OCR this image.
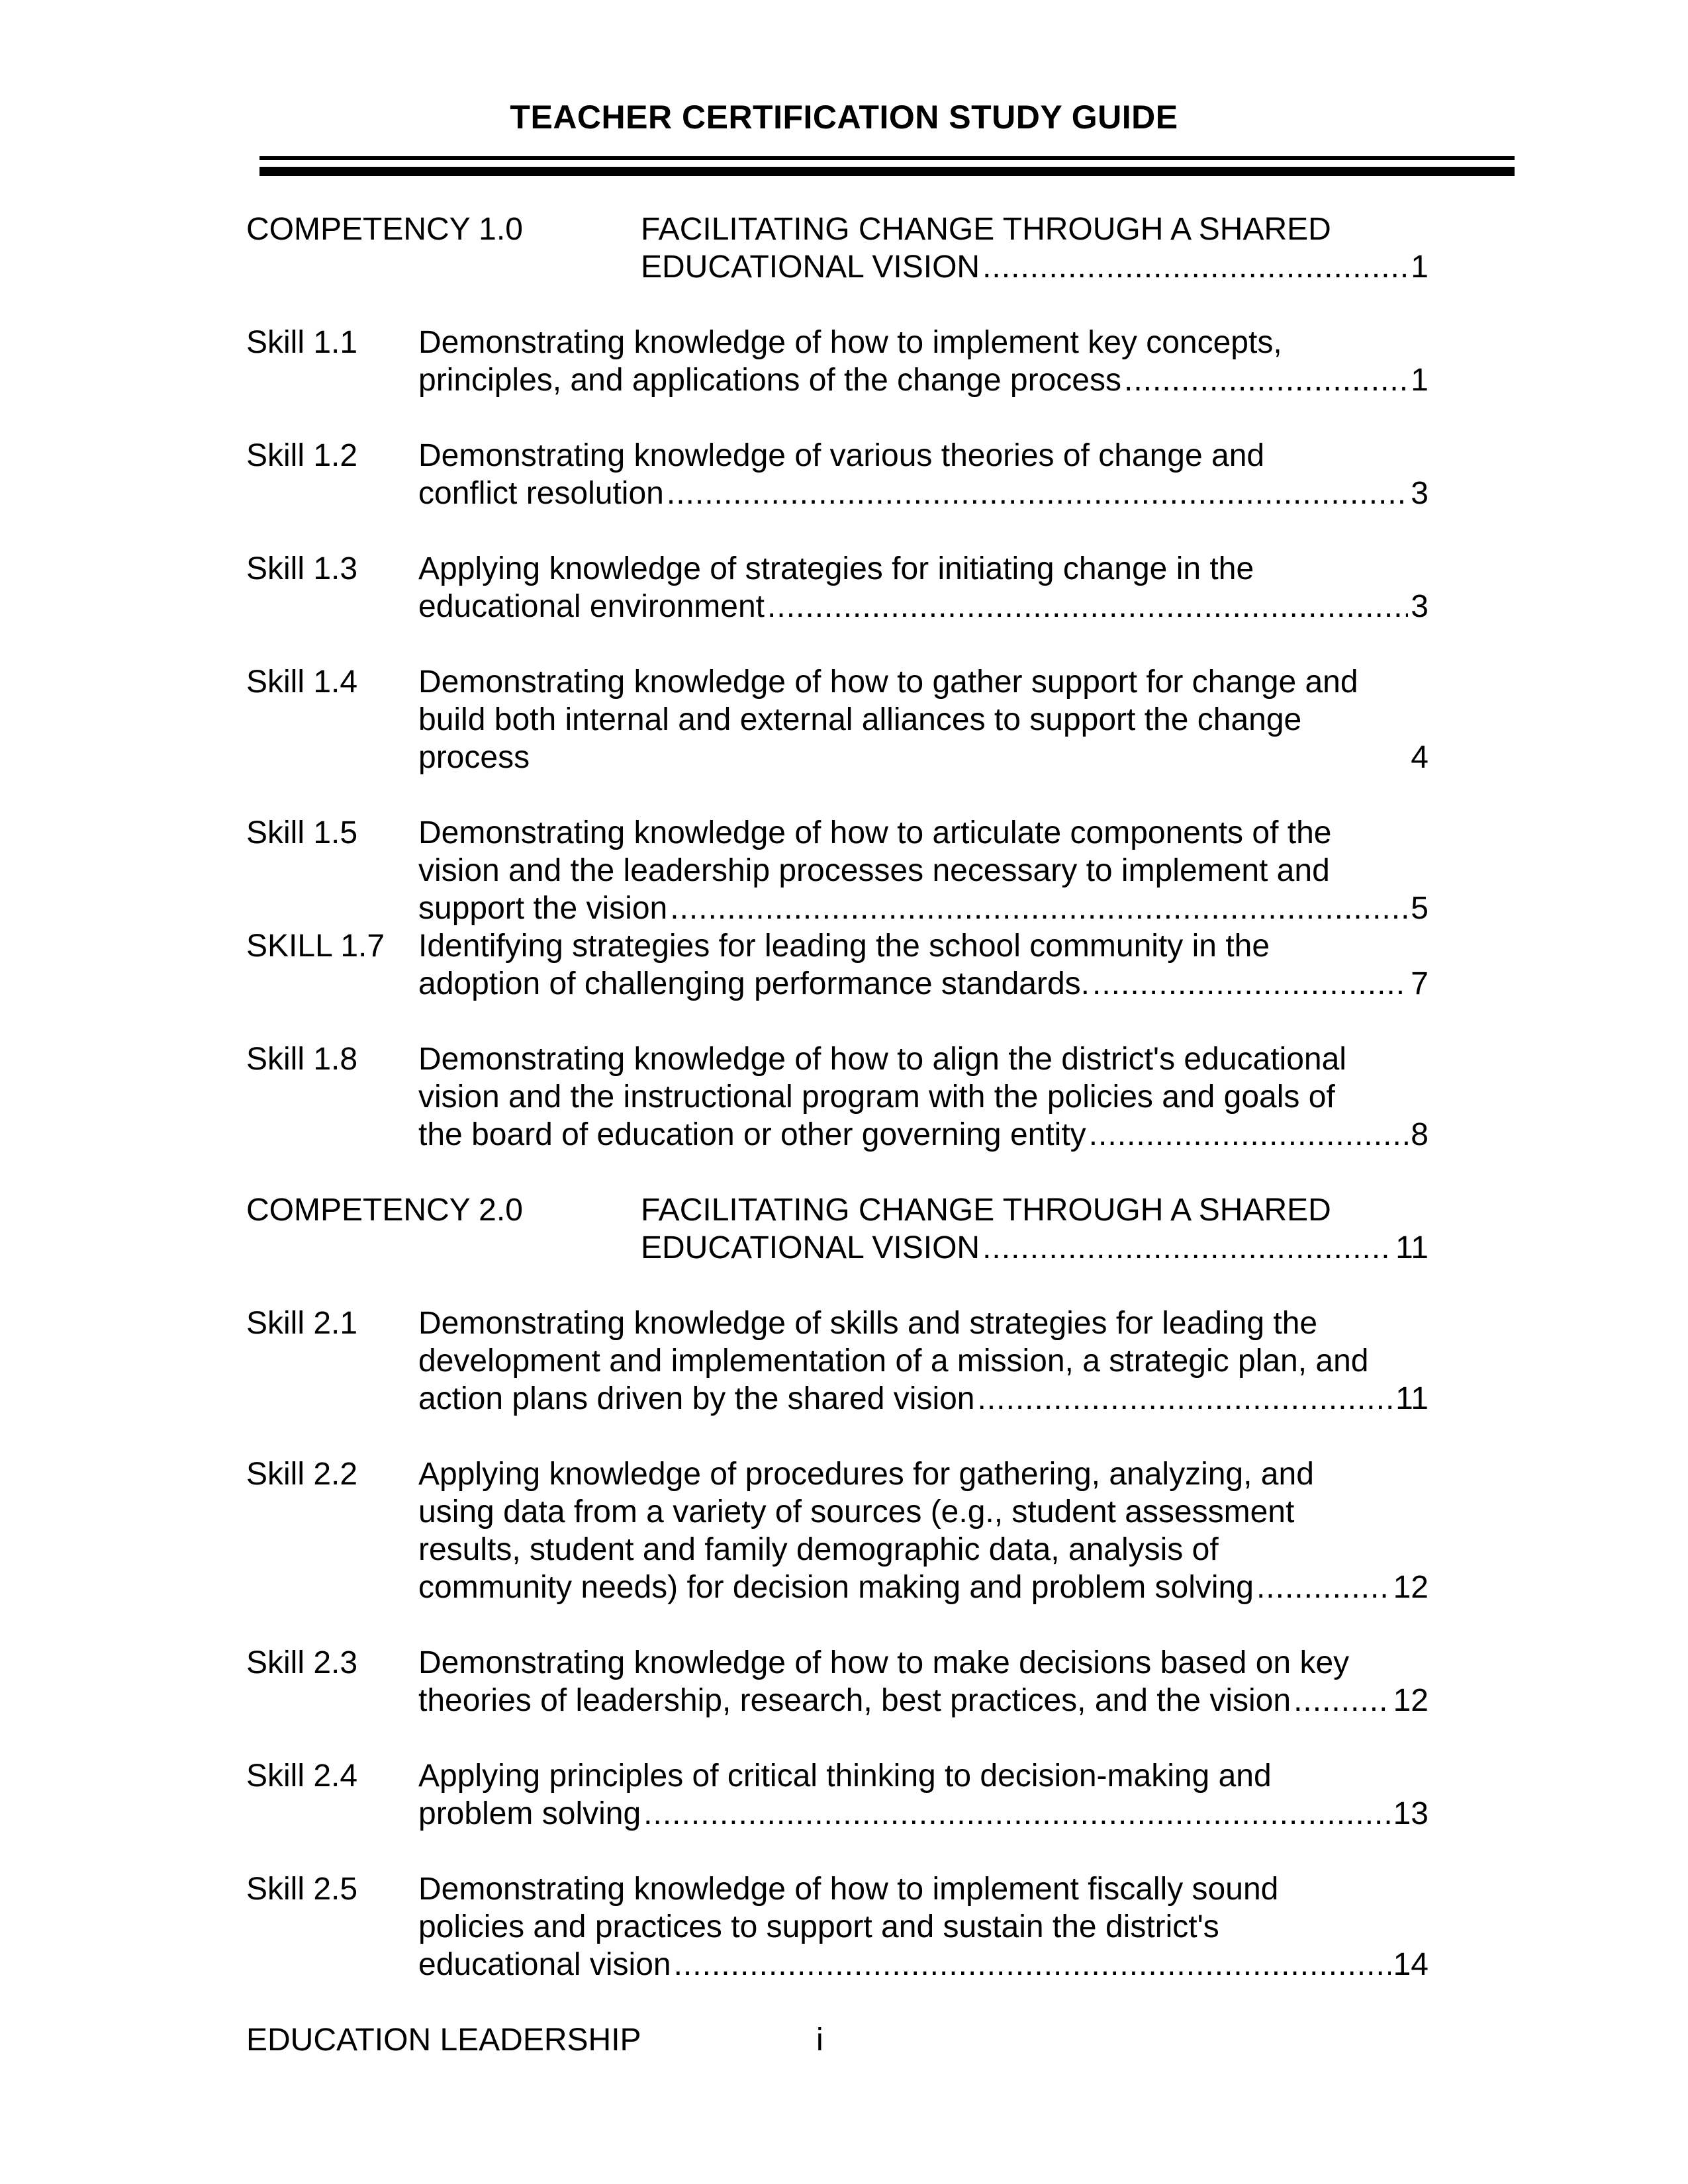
TEACHER CERTIFICATION STUDY GUIDE
COMPETENCY 1.0	FACILITATING CHANGE THROUGH A SHARED
EDUCATIONAL VISION .....	1
Skill 1.1 Demonstrating knowledge of how to implement key concepts,
principles, and applications of the change process .....	1
Skill 1.2 Demonstrating knowledge of various theories of change and
conflict resolution .....	3
Skill 1.3 Applying knowledge of strategies for initiating change in the
educational environment .....	3
Skill 1.4 Demonstrating knowledge of how to gather support for change and
build both internal and external alliances to support the change
process	4
Skill 1.5 Demonstrating knowledge of how to articulate components of the
vision and the leadership processes necessary to implement and
support the vision .....	5
SKILL 1.7 Identifying strategies for leading the school community in the
adoption of challenging performance standards. .....	7
Skill 1.8 Demonstrating knowledge of how to align the district's educational
vision and the instructional program with the policies and goals of
the board of education or other governing entity .....	8
COMPETENCY 2.0	FACILITATING CHANGE THROUGH A SHARED
EDUCATIONAL VISION .....	11
Skill 2.1 Demonstrating knowledge of skills and strategies for leading the
development and implementation of a mission, a strategic plan, and
action plans driven by the shared vision .....	11
Skill 2.2 Applying knowledge of procedures for gathering, analyzing, and
using data from a variety of sources (e.g., student assessment
results, student and family demographic data, analysis of
community needs) for decision making and problem solving .....	12
Skill 2.3 Demonstrating knowledge of how to make decisions based on key
theories of leadership, research, best practices, and the vision .....	12
Skill 2.4 Applying principles of critical thinking to decision-making and
problem solving .....	13
Skill 2.5 Demonstrating knowledge of how to implement fiscally sound
policies and practices to support and sustain the district's
educational vision .....	14
EDUCATION LEADERSHIP	i
